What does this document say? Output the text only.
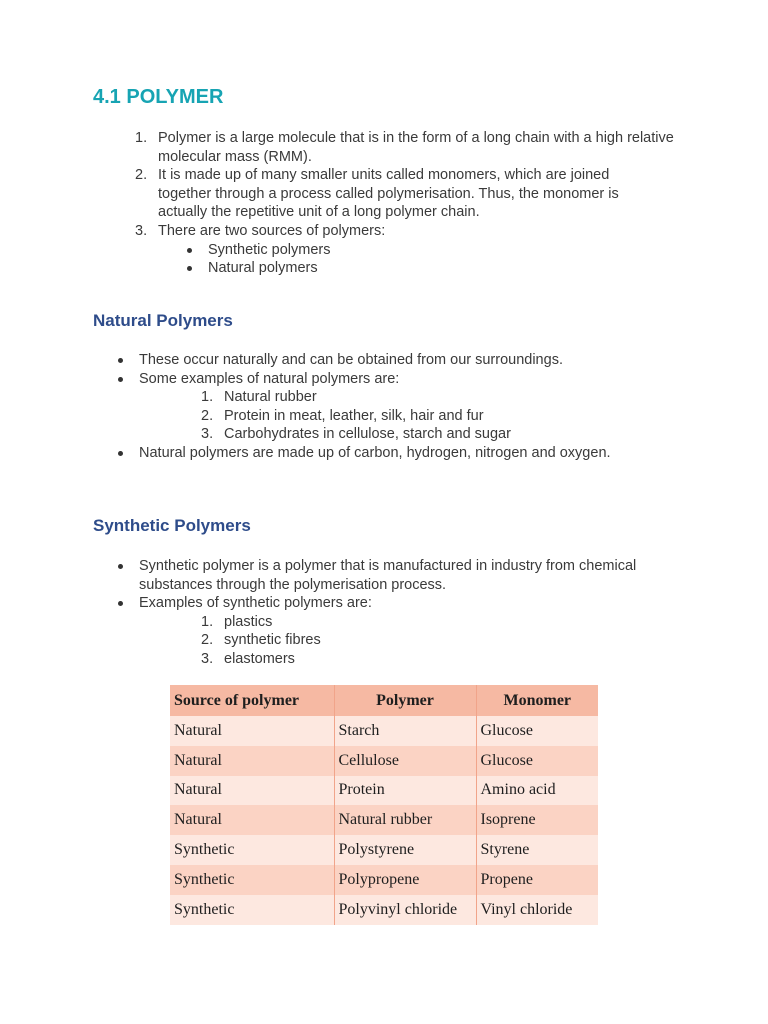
4.1 POLYMER
1. Polymer is a large molecule that is in the form of a long chain with a high relative molecular mass (RMM).
2. It is made up of many smaller units called monomers, which are joined together through a process called polymerisation. Thus, the monomer is actually the repetitive unit of a long polymer chain.
3. There are two sources of polymers:
Synthetic polymers
Natural polymers
Natural Polymers
These occur naturally and can be obtained from our surroundings.
Some examples of natural polymers are:
1. Natural rubber
2. Protein in meat, leather, silk, hair and fur
3. Carbohydrates in cellulose, starch and sugar
Natural polymers are made up of carbon, hydrogen, nitrogen and oxygen.
Synthetic Polymers
Synthetic polymer is a polymer that is manufactured in industry from chemical substances through the polymerisation process.
Examples of synthetic polymers are:
1. plastics
2. synthetic fibres
3. elastomers
Source of polymer	Polymer	Monomer
Natural	Starch	Glucose
Natural	Cellulose	Glucose
Natural	Protein	Amino acid
Natural	Natural rubber	Isoprene
Synthetic	Polystyrene	Styrene
Synthetic	Polypropene	Propene
Synthetic	Polyvinyl chloride	Vinyl chloride
